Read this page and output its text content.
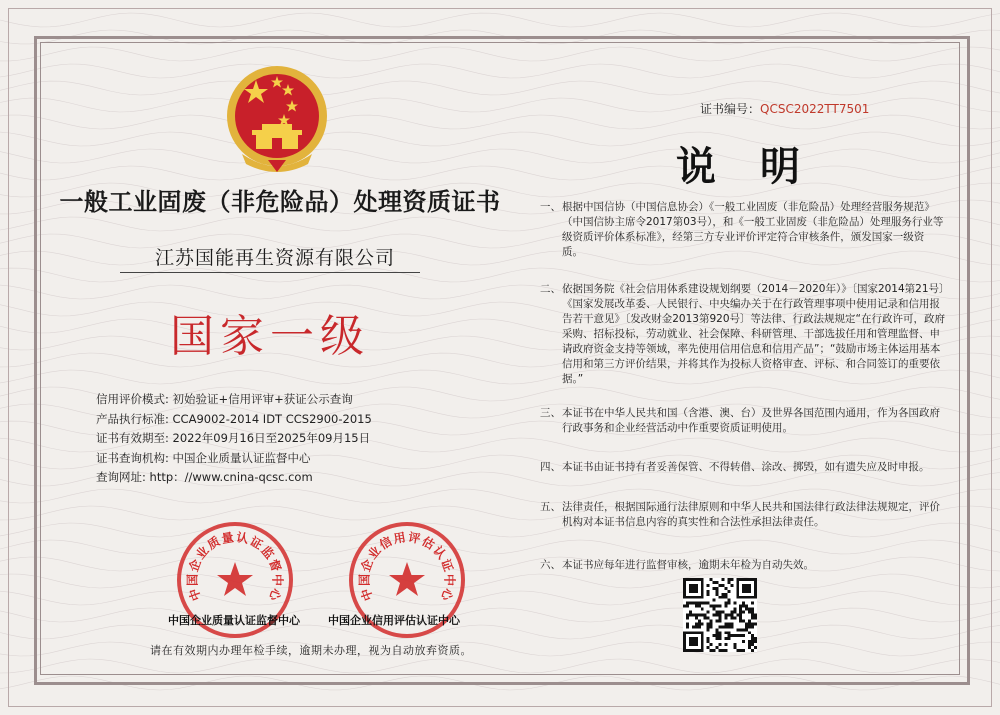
一般工业固废（非危险品）处理资质证书
江苏国能再生资源有限公司
国家一级
信用评价模式: 初始验证+信用评审+获证公示查询
产品执行标准: CCA9002-2014 IDT CCS2900-2015
证书有效期至: 2022年09月16日至2025年09月15日
证书查询机构: 中国企业质量认证监督中心
查询网址: http：//www.cnina-qcsc.com
中
国
企
业
质
量 认
证
监
督
中
心	中
国
企
业
信
用 评
估
认
证
中
心
中国企业质量认证监督中心	中国企业信用评估认证中心
请在有效期内办理年检手续，逾期未办理，视为自动放弃资质。
证书编号：QCSC2022TT7501
说明
一、 根据中国信协（中国信息协会）《一般工业固废（非危险品）处理经营服务规范》（中国信协主席令2017第03号），和《一般工业固废（非危险品）处理服务行业等级资质评价体系标准》，经第三方专业评价评定符合审核条件，颁发国家一级资质。
二、 依据国务院《社会信用体系建设规划纲要（2014－2020年）》〔国家2014第21号〕《国家发展改革委、人民银行、中央编办关于在行政管理事项中使用记录和信用报告若干意见》〔发改财金2013第920号〕等法律、行政法规规定“在行政许可，政府采购、招标投标，劳动就业、社会保障、科研管理、干部选拔任用和管理监督、申请政府资金支持等领域，率先使用信用信息和信用产品”；“鼓励市场主体运用基本信用和第三方评价结果，并将其作为投标人资格审查、评标、和合同签订的重要依据。”
三、 本证书在中华人民共和国（含港、澳、台）及世界各国范围内通用，作为各国政府行政事务和企业经营活动中作重要资质证明使用。
四、 本证书由证书持有者妥善保管、不得转借、涂改、掷毁，如有遗失应及时申报。
五、 法律责任，根据国际通行法律原则和中华人民共和国法律行政法律法规规定，评价机构对本证书信息内容的真实性和合法性承担法律责任。
六、 本证书应每年进行监督审核，逾期未年检为自动失效。
